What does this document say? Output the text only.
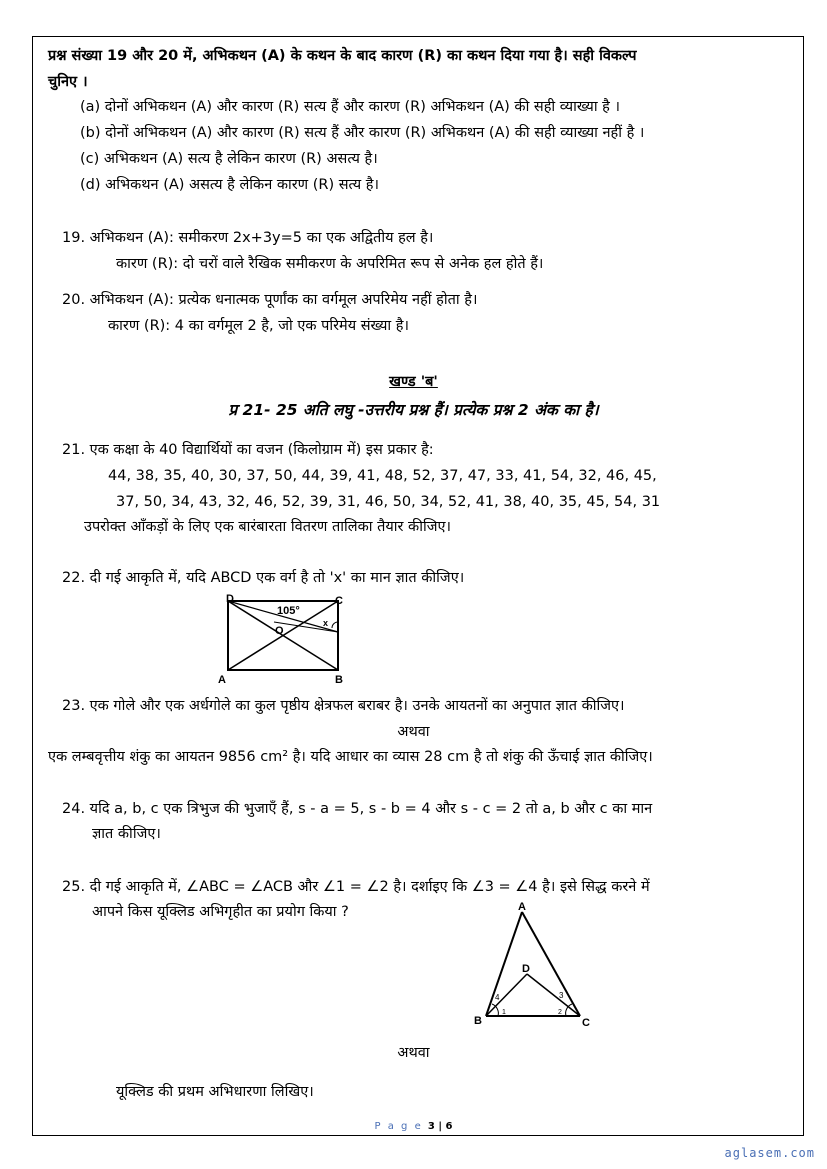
प्रश्न संख्या 19 और 20 में, अभिकथन (A) के कथन के बाद कारण (R) का कथन दिया गया है। सही विकल्प
चुनिए ।
(a) दोनों अभिकथन (A) और कारण (R) सत्य हैं और कारण (R) अभिकथन (A) की सही व्याख्या है ।
(b) दोनों अभिकथन (A) और कारण (R) सत्य हैं और कारण (R) अभिकथन (A) की सही व्याख्या नहीं है ।
(c) अभिकथन (A) सत्य है लेकिन कारण (R) असत्य है।
(d) अभिकथन (A) असत्य है लेकिन कारण (R) सत्य है।
19. अभिकथन (A): समीकरण 2x+3y=5 का एक अद्वितीय हल है।
कारण (R): दो चरों वाले रैखिक समीकरण के अपरिमित रूप से अनेक हल होते हैं।
20. अभिकथन (A): प्रत्येक धनात्मक पूर्णांक का वर्गमूल अपरिमेय नहीं होता है।
कारण (R): 4 का वर्गमूल 2 है, जो एक परिमेय संख्या है।
खण्ड 'ब'
प्र 21- 25 अति लघु -उत्तरीय प्रश्न हैं। प्रत्येक प्रश्न 2 अंक का है।
21. एक कक्षा के 40 विद्यार्थियों का वजन (किलोग्राम में) इस प्रकार है:
44, 38, 35, 40, 30, 37, 50, 44, 39, 41, 48, 52, 37, 47, 33, 41, 54, 32, 46, 45,
37, 50, 34, 43, 32, 46, 52, 39, 31, 46, 50, 34, 52, 41, 38, 40, 35, 45, 54, 31
उपरोक्त आँकड़ों के लिए एक बारंबारता वितरण तालिका तैयार कीजिए।
22. दी गई आकृति में, यदि ABCD एक वर्ग है तो 'x' का मान ज्ञात कीजिए।
D	C
A	B
O
x
105°
23. एक गोले और एक अर्धगोले का कुल पृष्ठीय क्षेत्रफल बराबर है। उनके आयतनों का अनुपात ज्ञात कीजिए।
अथवा
एक लम्बवृत्तीय शंकु का आयतन 9856 cm² है। यदि आधार का व्यास 28 cm है तो शंकु की ऊँचाई ज्ञात कीजिए।
24. यदि a, b, c एक त्रिभुज की भुजाएँ हैं, s - a = 5, s - b = 4 और s - c = 2 तो a, b और c का मान
ज्ञात कीजिए।
25. दी गई आकृति में, ∠ABC = ∠ACB और ∠1 = ∠2 है। दर्शाइए कि ∠3 = ∠4 है। इसे सिद्ध करने में
आपने किस यूक्लिड अभिगृहीत का प्रयोग किया ?	A
B	C
D
1	2
3
4
अथवा
यूक्लिड की प्रथम अभिधारणा लिखिए।
P a g e 3 | 6
aglasem.com
